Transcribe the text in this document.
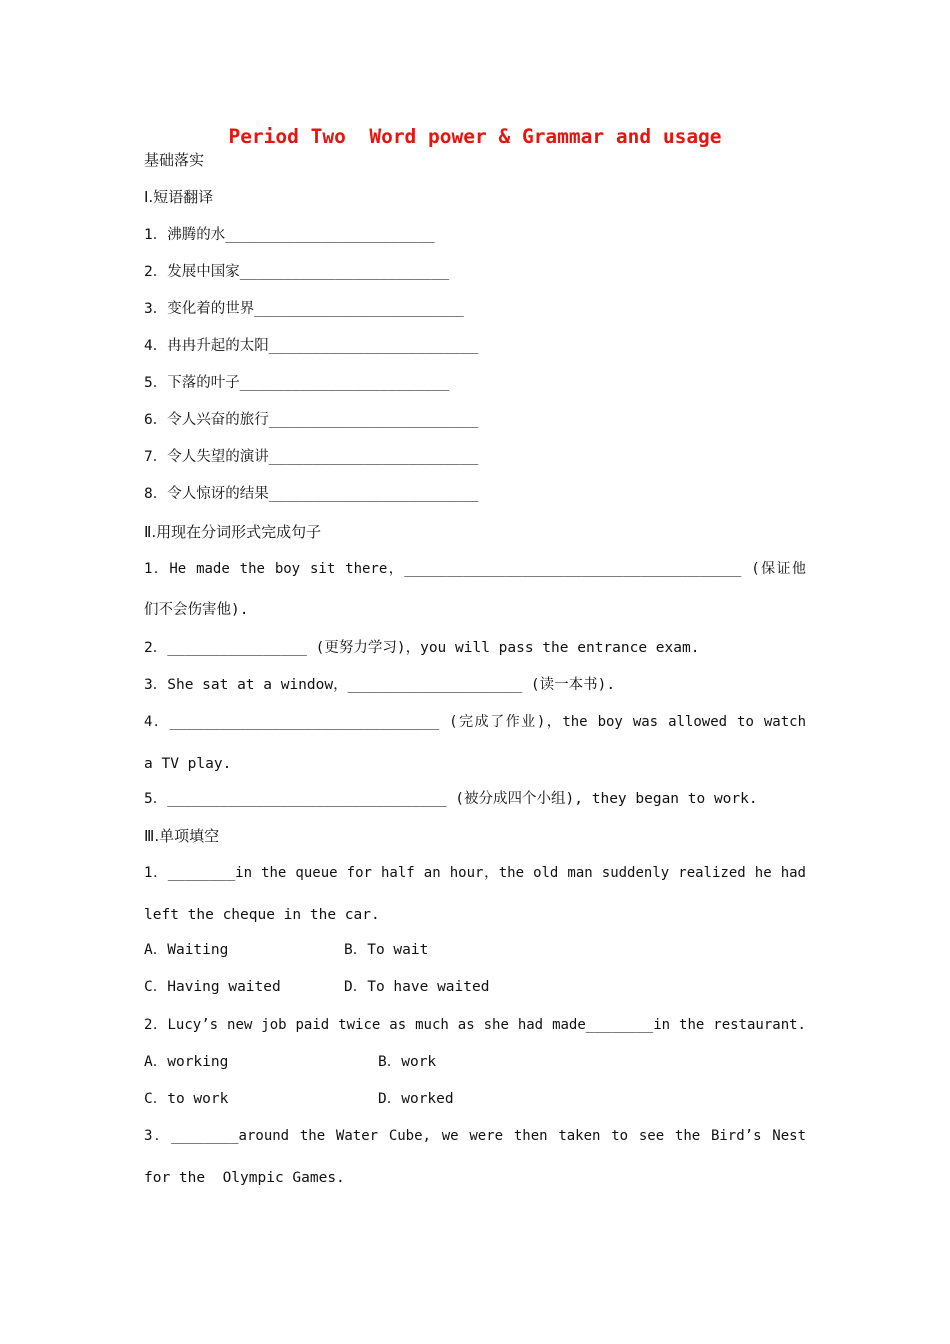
Period Two  Word power & Grammar and usage

基础落实

Ⅰ.短语翻译

1．沸腾的水________________________

2．发展中国家________________________

3．变化着的世界________________________

4．冉冉升起的太阳________________________

5．下落的叶子________________________

6．令人兴奋的旅行________________________

7．令人失望的演讲________________________

8．令人惊讶的结果________________________

Ⅱ.用现在分词形式完成句子

1．He made the boy sit there，________________________________________ (保证他

们不会伤害他).

2．________________ (更努力学习)，you will pass the entrance exam.

3．She sat at a window，____________________ (读一本书).

4．________________________________ (完成了作业)，the boy was allowed to watch

a TV play.

5．________________________________ (被分成四个小组), they began to work.

Ⅲ.单项填空

1．________in the queue for half an hour，the old man suddenly realized he had

left the cheque in the car.

A．Waiting	B．To wait

C．Having waited	D．To have waited

2．Lucy’s new job paid twice as much as she had made________in the restaurant.

A．working	B．work

C．to work	D．worked

3．________around the Water Cube, we were then taken to see the Bird’s Nest

for the  Olympic Games.
